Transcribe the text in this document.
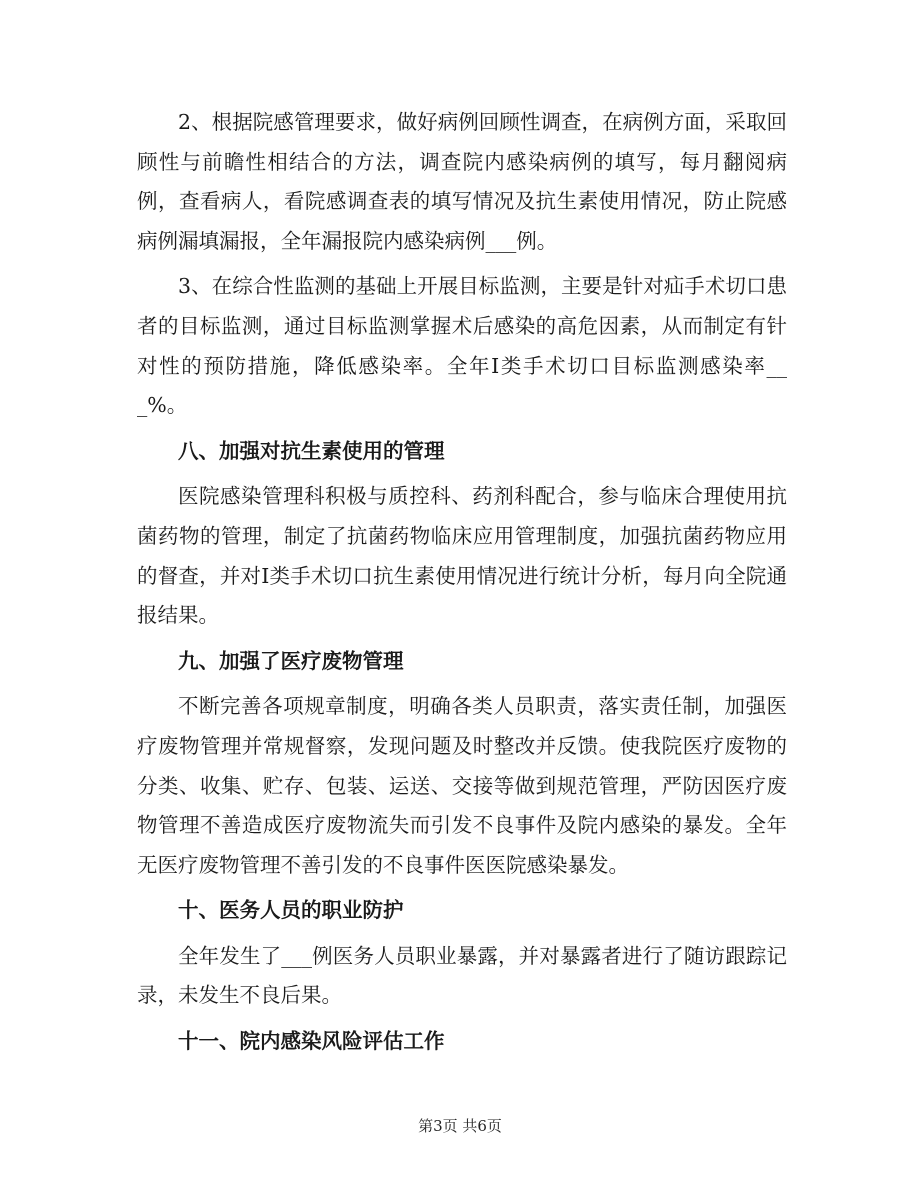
2、根据院感管理要求，做好病例回顾性调查，在病例方面，采取回顾性与前瞻性相结合的方法，调查院内感染病例的填写，每月翻阅病例，查看病人，看院感调查表的填写情况及抗生素使用情况，防止院感病例漏填漏报，全年漏报院内感染病例___例。

3、在综合性监测的基础上开展目标监测，主要是针对疝手术切口患者的目标监测，通过目标监测掌握术后感染的高危因素，从而制定有针对性的预防措施，降低感染率。全年Ⅰ类手术切口目标监测感染率___%。

八、加强对抗生素使用的管理

医院感染管理科积极与质控科、药剂科配合，参与临床合理使用抗菌药物的管理，制定了抗菌药物临床应用管理制度，加强抗菌药物应用的督查，并对Ⅰ类手术切口抗生素使用情况进行统计分析，每月向全院通报结果。

九、加强了医疗废物管理

不断完善各项规章制度，明确各类人员职责，落实责任制，加强医疗废物管理并常规督察，发现问题及时整改并反馈。使我院医疗废物的分类、收集、贮存、包装、运送、交接等做到规范管理，严防因医疗废物管理不善造成医疗废物流失而引发不良事件及院内感染的暴发。全年无医疗废物管理不善引发的不良事件医医院感染暴发。

十、医务人员的职业防护

全年发生了___例医务人员职业暴露，并对暴露者进行了随访跟踪记录，未发生不良后果。

十一、院内感染风险评估工作

第3页 共6页
